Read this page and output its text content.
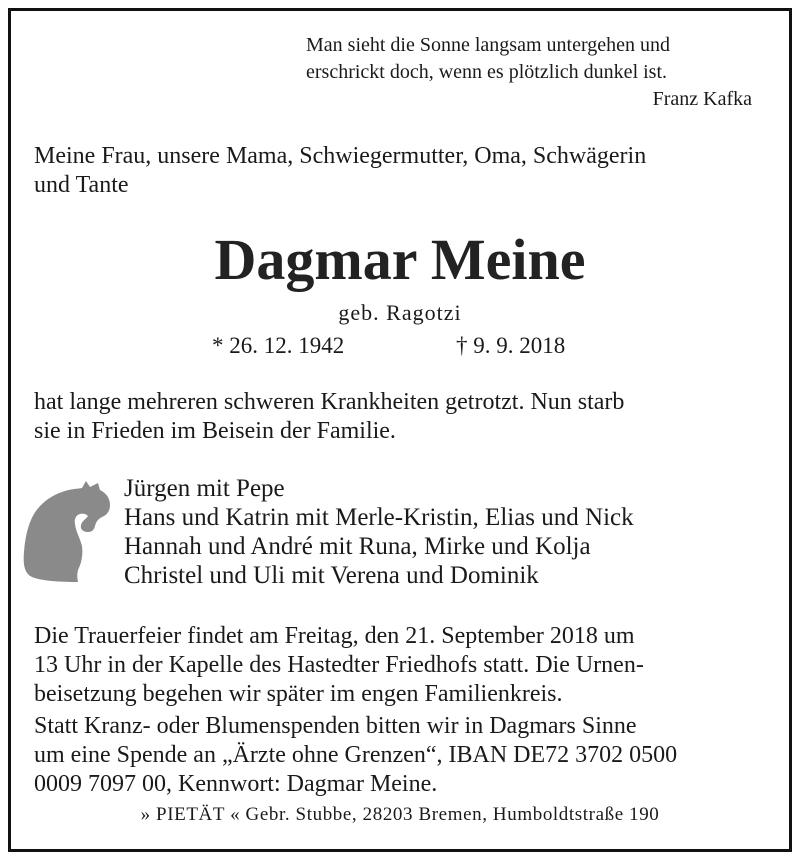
Man sieht die Sonne langsam untergehen und
erschrickt doch, wenn es plötzlich dunkel ist.
Franz Kafka
Meine Frau, unsere Mama, Schwiegermutter, Oma, Schwägerin
und Tante
Dagmar Meine
geb. Ragotzi
* 26. 12. 1942	† 9. 9. 2018
hat lange mehreren schweren Krankheiten getrotzt. Nun starb
sie in Frieden im Beisein der Familie.
Jürgen mit Pepe
Hans und Katrin mit Merle-Kristin, Elias und Nick
Hannah und André mit Runa, Mirke und Kolja
Christel und Uli mit Verena und Dominik
Die Trauerfeier findet am Freitag, den 21. September 2018 um
13 Uhr in der Kapelle des Hastedter Friedhofs statt. Die Urnen-
beisetzung begehen wir später im engen Familienkreis.
Statt Kranz- oder Blumenspenden bitten wir in Dagmars Sinne
um eine Spende an „Ärzte ohne Grenzen“, IBAN DE72 3702 0500
0009 7097 00, Kennwort: Dagmar Meine.
» PIETÄT « Gebr. Stubbe, 28203 Bremen, Humboldtstraße 190
